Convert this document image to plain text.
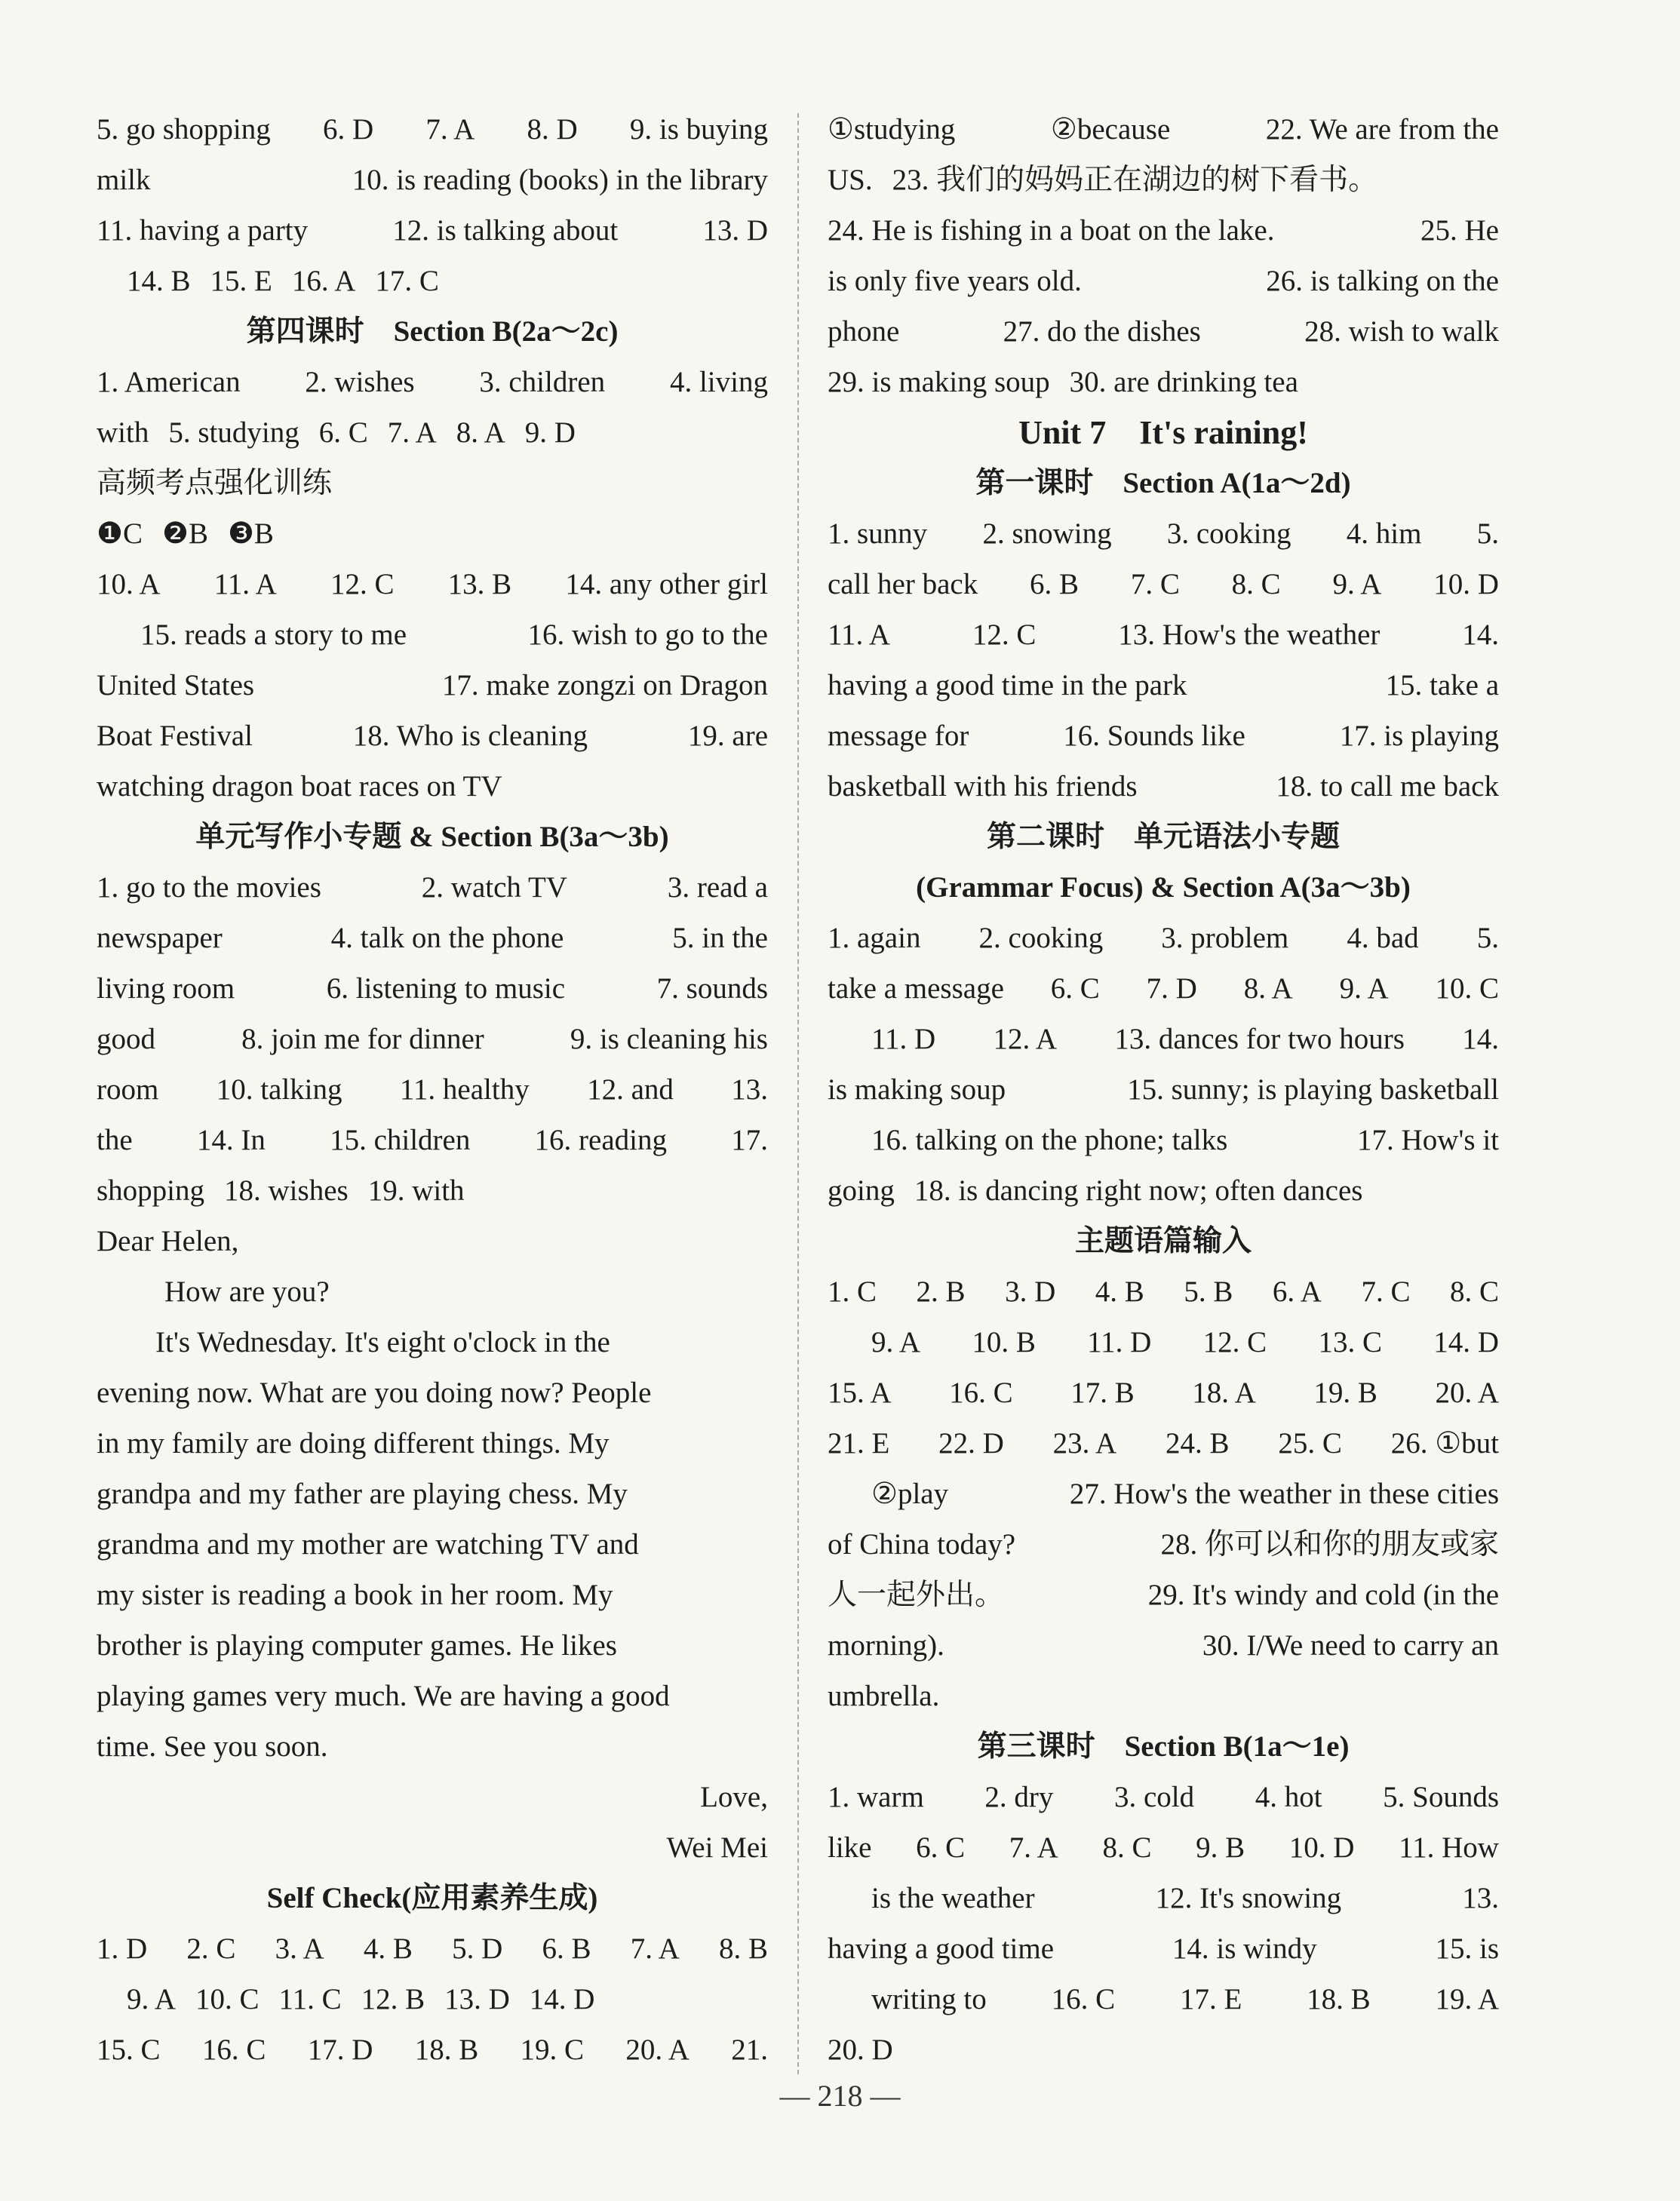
5. go shopping 6. D 7. A 8. D 9. is buying
milk	10. is reading (books) in the library
11. having a party	12. is talking about	13. D
14. B 15. E 16. A 17. C
第四课时　Section B(2a～2c)
1. American 2. wishes 3. children 4. living
with 5. studying 6. C 7. A 8. A 9. D
高频考点强化训练
❶C ❷B ❸B
10. A 11. A 12. C 13. B 14. any other girl
15. reads a story to me	16. wish to go to the
United States	17. make zongzi on Dragon
Boat Festival	18. Who is cleaning	19. are
watching dragon boat races on TV
单元写作小专题 & Section B(3a～3b)
1. go to the movies	2. watch TV	3. read a
newspaper	4. talk on the phone	5. in the
living room	6. listening to music	7. sounds
good	8. join me for dinner	9. is cleaning his
room 10. talking 11. healthy 12. and 13.
the 14. In 15. children 16. reading 17.
shopping 18. wishes 19. with
Dear Helen,
How are you?
　　It's Wednesday. It's eight o'clock in the
evening now. What are you doing now? People
in my family are doing different things. My
grandpa and my father are playing chess. My
grandma and my mother are watching TV and
my sister is reading a book in her room. My
brother is playing computer games. He likes
playing games very much. We are having a good
time. See you soon.
Love,
Wei Mei
Self Check(应用素养生成)
1. D 2. C 3. A 4. B 5. D 6. B 7. A 8. B
9. A 10. C 11. C 12. B 13. D 14. D
15. C 16. C 17. D 18. B 19. C 20. A 21.
①studying	②because	22. We are from the
US. 23. 我们的妈妈正在湖边的树下看书。
24. He is fishing in a boat on the lake.	25. He
is only five years old.	26. is talking on the
phone	27. do the dishes	28. wish to walk
29. is making soup 30. are drinking tea
Unit 7　It's raining!
第一课时　Section A(1a～2d)
1. sunny 2. snowing 3. cooking 4. him 5.
call her back 6. B 7. C 8. C 9. A 10. D
11. A	12. C	13. How's the weather	14.
having a good time in the park	15. take a
message for	16. Sounds like	17. is playing
basketball with his friends	18. to call me back
第二课时　单元语法小专题
(Grammar Focus) & Section A(3a～3b)
1. again 2. cooking 3. problem 4. bad 5.
take a message 6. C 7. D 8. A 9. A 10. C
11. D 12. A 13. dances for two hours 14.
is making soup	15. sunny; is playing basketball
16. talking on the phone; talks	17. How's it
going 18. is dancing right now; often dances
主题语篇输入
1. C 2. B 3. D 4. B 5. B 6. A 7. C 8. C
9. A 10. B 11. D 12. C 13. C 14. D
15. A 16. C 17. B 18. A 19. B 20. A
21. E 22. D 23. A 24. B 25. C 26. ①but
②play	27. How's the weather in these cities
of China today?	28. 你可以和你的朋友或家
人一起外出。	29. It's windy and cold (in the
morning).	30. I/We need to carry an
umbrella.
第三课时　Section B(1a～1e)
1. warm 2. dry 3. cold 4. hot 5. Sounds
like 6. C 7. A 8. C 9. B 10. D 11. How
is the weather	12. It's snowing	13.
having a good time	14. is windy	15. is
writing to 16. C 17. E 18. B 19. A
20. D
— 218 —
